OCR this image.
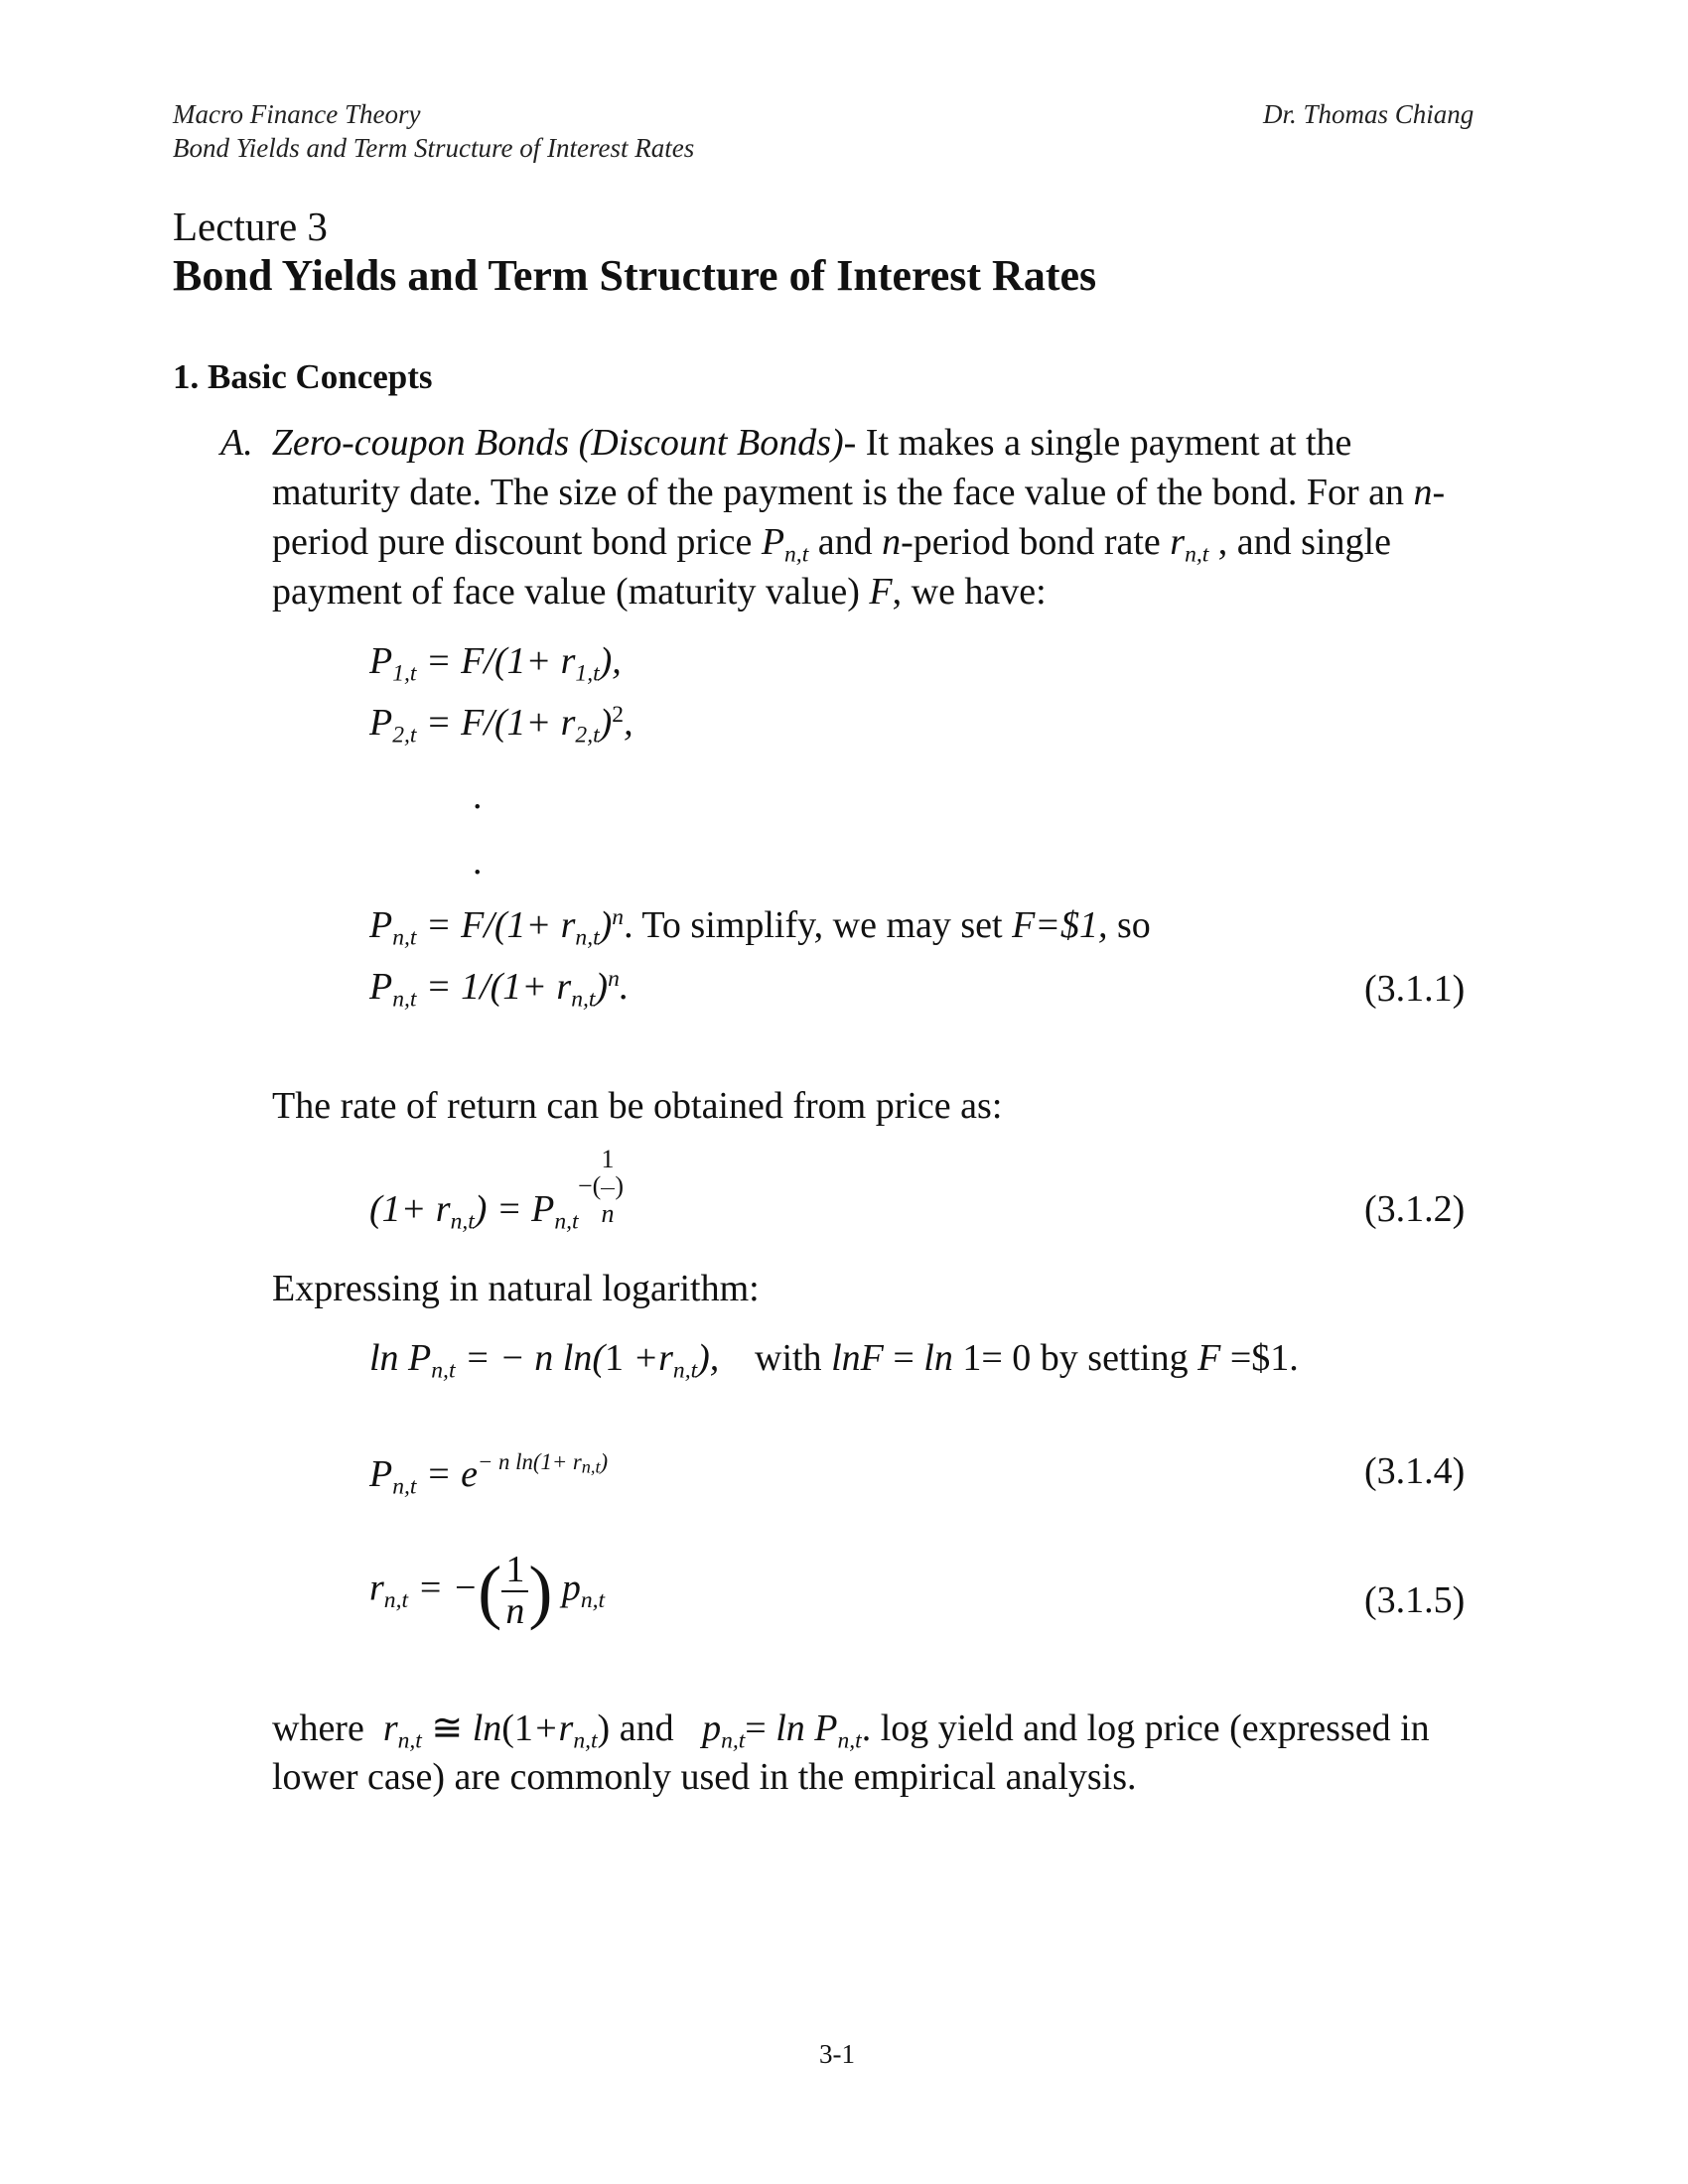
Macro Finance Theory
Bond Yields and Term Structure of Interest Rates
Dr. Thomas Chiang
Lecture 3
Bond Yields and Term Structure of Interest Rates
1. Basic Concepts
A. Zero-coupon Bonds (Discount Bonds)- It makes a single payment at the
maturity date. The size of the payment is the face value of the bond. For an n-
period pure discount bond price $P_{n,t}$ and n-period bond rate $r_{n,t}$ , and single
payment of face value (maturity value) F, we have:
$P_{1,t} = F/(1+ r_{1,t})$,
$P_{2,t} = F/(1+ r_{2,t})^2$,
.
.
$P_{n,t} = F/(1+ r_{n,t})^n$. To simplify, we may set F=$1, so
$P_{n,t} = 1/(1+ r_{n,t})^n$.	(3.1.1)
The rate of return can be obtained from price as:
$(1+ r_{n,t}) = P_{n,t}$
1
−( )
n	(3.1.2)
Expressing in natural logarithm:
$\ln P_{n,t}$ = − n $\ln(1 +r_{n,t})$, with lnF = ln 1= 0 by setting F =$1.
$P_{n,t} = e^{- n ln(1+ rn,t)}$	(3.1.4)
$r_{n,t}$ = −( $\frac{1}{n}$ ) $p_{n,t}$	(3.1.5)
where $r_{n,t}$ ≅ $\ln(1+r_{n,t})$ and   $p_{n,t}= \ln P_{n,t}$. log yield and log price (expressed in
lower case) are commonly used in the empirical analysis.
3-1
